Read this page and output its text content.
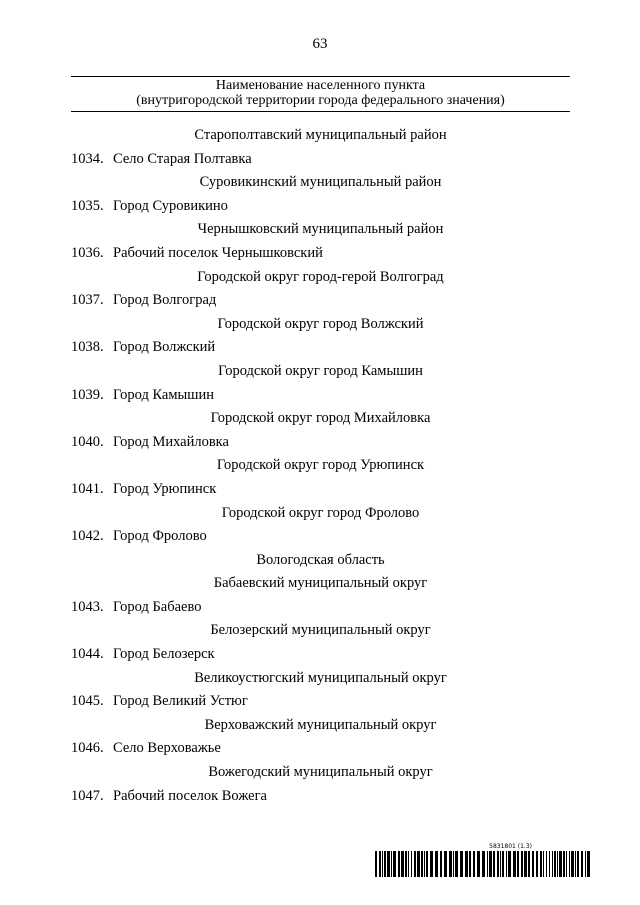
63
Наименование населенного пункта
(внутригородской территории города федерального значения)
Старополтавский муниципальный район
1034. Село Старая Полтавка
Суровикинский муниципальный район
1035. Город Суровикино
Чернышковский муниципальный район
1036. Рабочий поселок Чернышковский
Городской округ город-герой Волгоград
1037. Город Волгоград
Городской округ город Волжский
1038. Город Волжский
Городской округ город Камышин
1039. Город Камышин
Городской округ город Михайловка
1040. Город Михайловка
Городской округ город Урюпинск
1041. Город Урюпинск
Городской округ город Фролово
1042. Город Фролово
Вологодская область
Бабаевский муниципальный округ
1043. Город Бабаево
Белозерский муниципальный округ
1044. Город Белозерск
Великоустюгский муниципальный округ
1045. Город Великий Устюг
Верховажский муниципальный округ
1046. Село Верховажье
Вожегодский муниципальный округ
1047. Рабочий поселок Вожега
5831801 (1.3)
